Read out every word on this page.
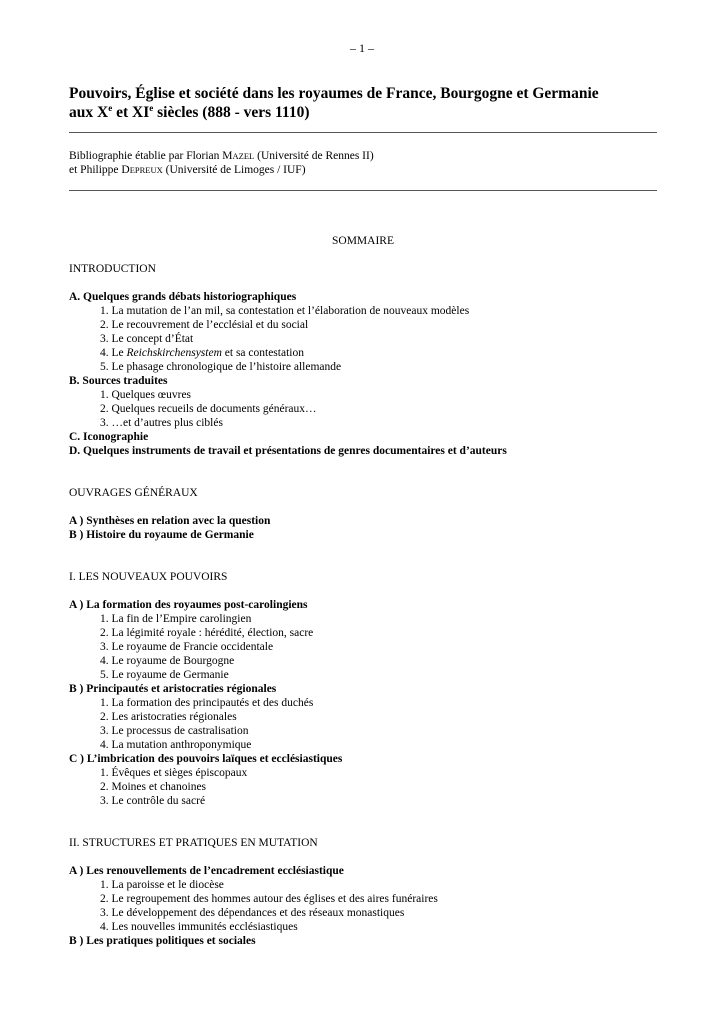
– 1 –
Pouvoirs, Église et société dans les royaumes de France, Bourgogne et Germanie
aux Xe et XIe siècles (888 - vers 1110)
Bibliographie établie par Florian MAZEL (Université de Rennes II)
et Philippe DEPREUX (Université de Limoges / IUF)
SOMMAIRE
INTRODUCTION
A. Quelques grands débats historiographiques
1. La mutation de l’an mil, sa contestation et l’élaboration de nouveaux modèles
2. Le recouvrement de l’ecclésial et du social
3. Le concept d’État
4. Le Reichskirchensystem et sa contestation
5. Le phasage chronologique de l’histoire allemande
B. Sources traduites
1. Quelques œuvres
2. Quelques recueils de documents généraux…
3. …et d’autres plus ciblés
C. Iconographie
D. Quelques instruments de travail et présentations de genres documentaires et d’auteurs
OUVRAGES GÉNÉRAUX
A ) Synthèses en relation avec la question
B ) Histoire du royaume de Germanie
I. LES NOUVEAUX POUVOIRS
A ) La formation des royaumes post-carolingiens
1. La fin de l’Empire carolingien
2. La légimité royale : hérédité, élection, sacre
3. Le royaume de Francie occidentale
4. Le royaume de Bourgogne
5. Le royaume de Germanie
B ) Principautés et aristocraties régionales
1. La formation des principautés et des duchés
2. Les aristocraties régionales
3. Le processus de castralisation
4. La mutation anthroponymique
C ) L’imbrication des pouvoirs laïques et ecclésiastiques
1. Évêques et sièges épiscopaux
2. Moines et chanoines
3. Le contrôle du sacré
II. STRUCTURES ET PRATIQUES EN MUTATION
A ) Les renouvellements de l’encadrement ecclésiastique
1. La paroisse et le diocèse
2. Le regroupement des hommes autour des églises et des aires funéraires
3. Le développement des dépendances et des réseaux monastiques
4. Les nouvelles immunités ecclésiastiques
B ) Les pratiques politiques et sociales
